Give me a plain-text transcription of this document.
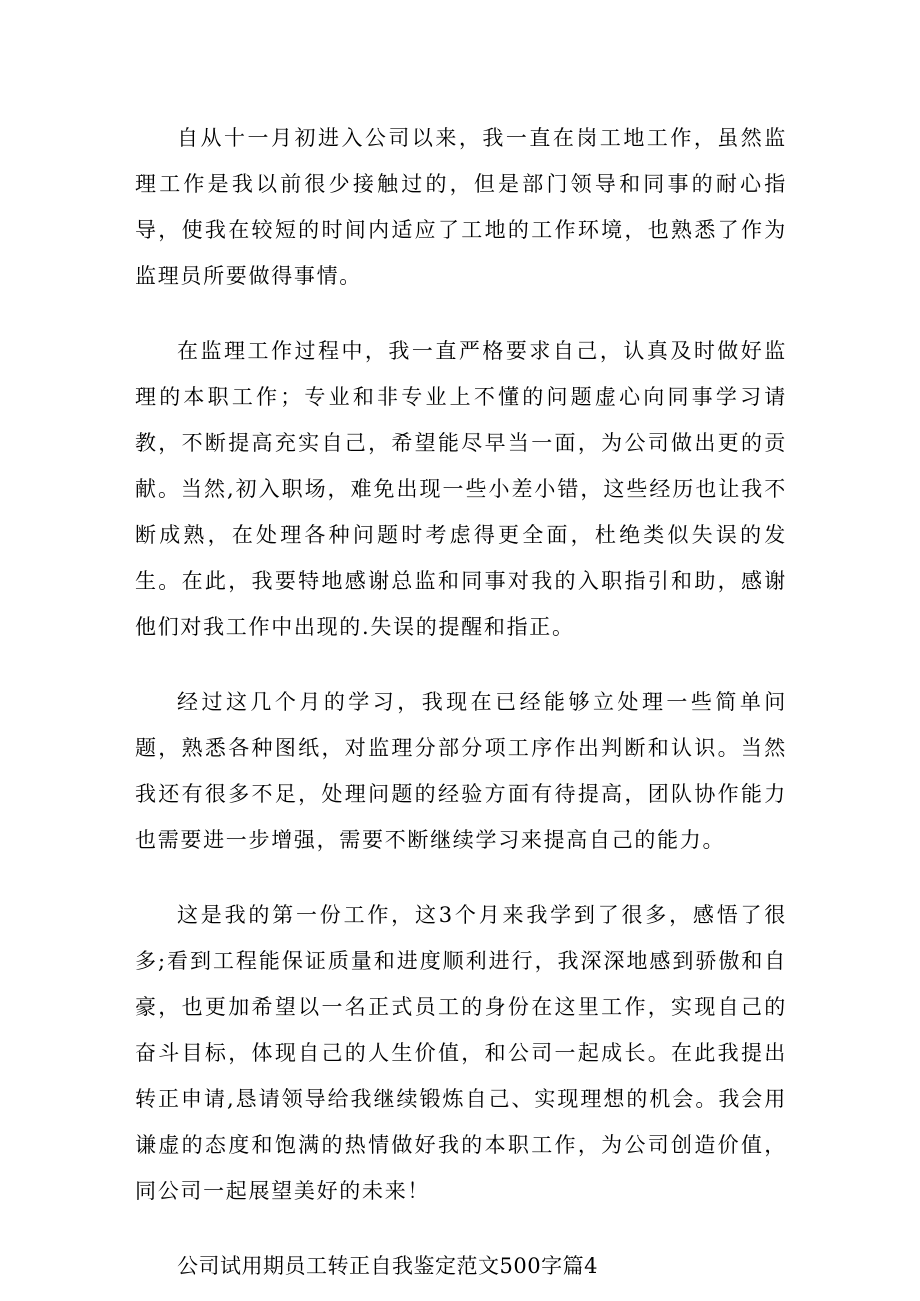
自从十一月初进入公司以来，我一直在岗工地工作，虽然监理工作是我以前很少接触过的，但是部门领导和同事的耐心指导，使我在较短的时间内适应了工地的工作环境，也熟悉了作为监理员所要做得事情。

在监理工作过程中，我一直严格要求自己，认真及时做好监理的本职工作；专业和非专业上不懂的问题虚心向同事学习请教，不断提高充实自己，希望能尽早当一面，为公司做出更的贡献。当然,初入职场，难免出现一些小差小错，这些经历也让我不断成熟，在处理各种问题时考虑得更全面，杜绝类似失误的发生。在此，我要特地感谢总监和同事对我的入职指引和助，感谢他们对我工作中出现的.失误的提醒和指正。

经过这几个月的学习，我现在已经能够立处理一些简单问题，熟悉各种图纸，对监理分部分项工序作出判断和认识。当然我还有很多不足，处理问题的经验方面有待提高，团队协作能力也需要进一步增强，需要不断继续学习来提高自己的能力。

这是我的第一份工作，这3个月来我学到了很多，感悟了很多;看到工程能保证质量和进度顺利进行，我深深地感到骄傲和自豪，也更加希望以一名正式员工的身份在这里工作，实现自己的奋斗目标，体现自己的人生价值，和公司一起成长。在此我提出转正申请,恳请领导给我继续锻炼自己、实现理想的机会。我会用谦虚的态度和饱满的热情做好我的本职工作，为公司创造价值，同公司一起展望美好的未来！

公司试用期员工转正自我鉴定范文500字篇4
